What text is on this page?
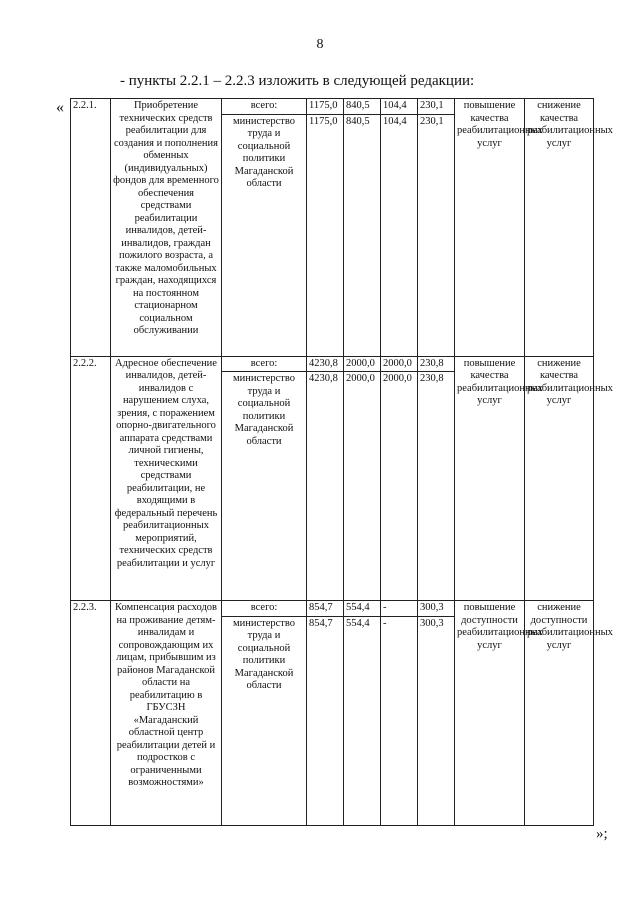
8
- пункты 2.2.1 – 2.2.3 изложить в следующей редакции:
« 2.2.1.	Приобретение технических средств реабилитации для создания и пополнения обменных (индивидуальных) фондов для временного обеспечения средствами реабилитации инвалидов, детей-инвалидов, граждан пожилого возраста, а также маломобильных граждан, находящихся на постоянном стационарном социальном обслуживании	всего:	1175,0	840,5	104,4	230,1	повышение качества реабилитационных услуг	снижение качества реабилитационных услуг
		министерство труда и социальной политики Магаданской области	1175,0	840,5	104,4	230,1		
2.2.2.	Адресное обеспечение инвалидов, детей-инвалидов с нарушением слуха, зрения, с поражением опорно-двигательного аппарата средствами личной гигиены, техническими средствами реабилитации, не входящими в федеральный перечень реабилитационных мероприятий, технических средств реабилитации и услуг	всего:	4230,8	2000,0	2000,0	230,8	повышение качества реабилитационных услуг	снижение качества реабилитационных услуг
		министерство труда и социальной политики Магаданской области	4230,8	2000,0	2000,0	230,8		
2.2.3.	Компенсация расходов на проживание детям-инвалидам и сопровождающим их лицам, прибывшим из районов Магаданской области на реабилитацию в ГБУСЗН «Магаданский областной центр реабилитации детей и подростков с ограниченными возможностями»	всего:	854,7	554,4	-	300,3	повышение доступности реабилитационных услуг	снижение доступности реабилитационных услуг
		министерство труда и социальной политики Магаданской области	854,7	554,4	-	300,3		
»;
